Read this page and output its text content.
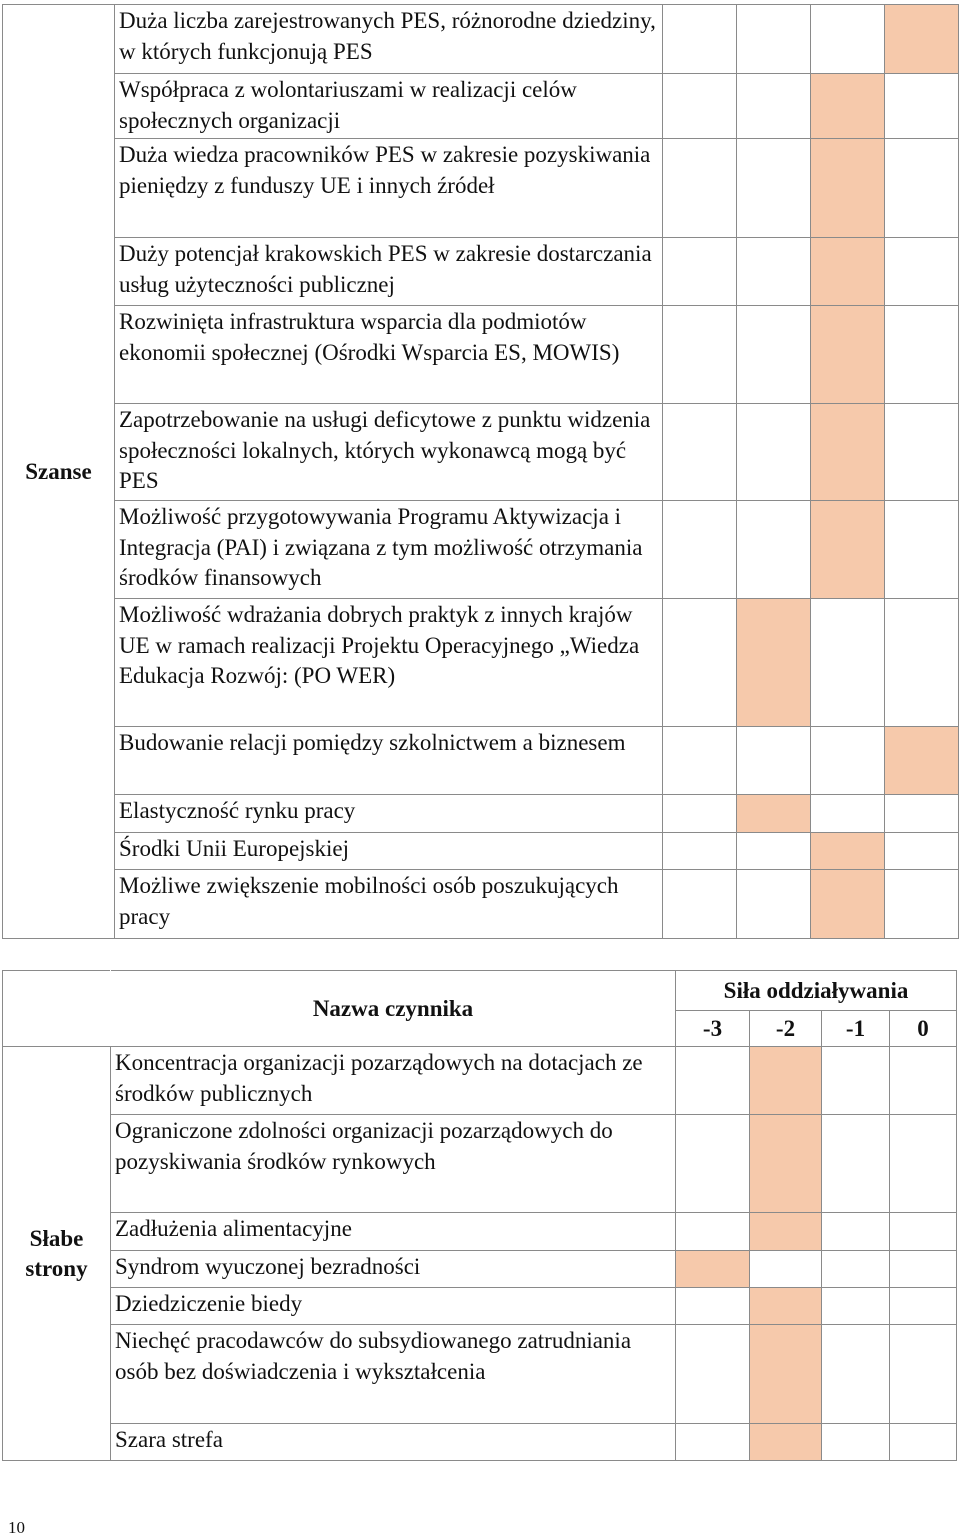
Szanse	Duża liczba zarejestrowanych PES, różnorodne dziedziny, w których funkcjonują PES				
	Współpraca z wolontariuszami w realizacji celów społecznych organizacji				
	Duża wiedza pracowników PES w zakresie pozyskiwania pieniędzy z funduszy UE i innych źródeł				
	Duży potencjał krakowskich PES w zakresie dostarczania usług użyteczności publicznej				
	Rozwinięta infrastruktura wsparcia dla podmiotów ekonomii społecznej (Ośrodki Wsparcia ES, MOWIS)				
	Zapotrzebowanie na usługi deficytowe z punktu widzenia społeczności lokalnych, których wykonawcą mogą być PES				
	Możliwość przygotowywania Programu Aktywizacja i Integracja (PAI) i związana z tym możliwość otrzymania środków finansowych				
	Możliwość wdrażania dobrych praktyk z innych krajów UE w ramach realizacji Projektu Operacyjnego „Wiedza Edukacja Rozwój: (PO WER)				
	Budowanie relacji pomiędzy szkolnictwem a biznesem				
	Elastyczność rynku pracy				
	Środki Unii Europejskiej				
	Możliwe zwiększenie mobilności osób poszukujących pracy				
	Nazwa czynnika	Siła oddziaływania			
		-3	-2	-1	0
Słabe strony	Koncentracja organizacji pozarządowych na dotacjach ze środków publicznych				
	Ograniczone zdolności organizacji pozarządowych do pozyskiwania środków rynkowych				
	Zadłużenia alimentacyjne				
	Syndrom wyuczonej bezradności				
	Dziedziczenie biedy				
	Niechęć pracodawców do subsydiowanego zatrudniania osób bez doświadczenia i wykształcenia				
	Szara strefa				
10
